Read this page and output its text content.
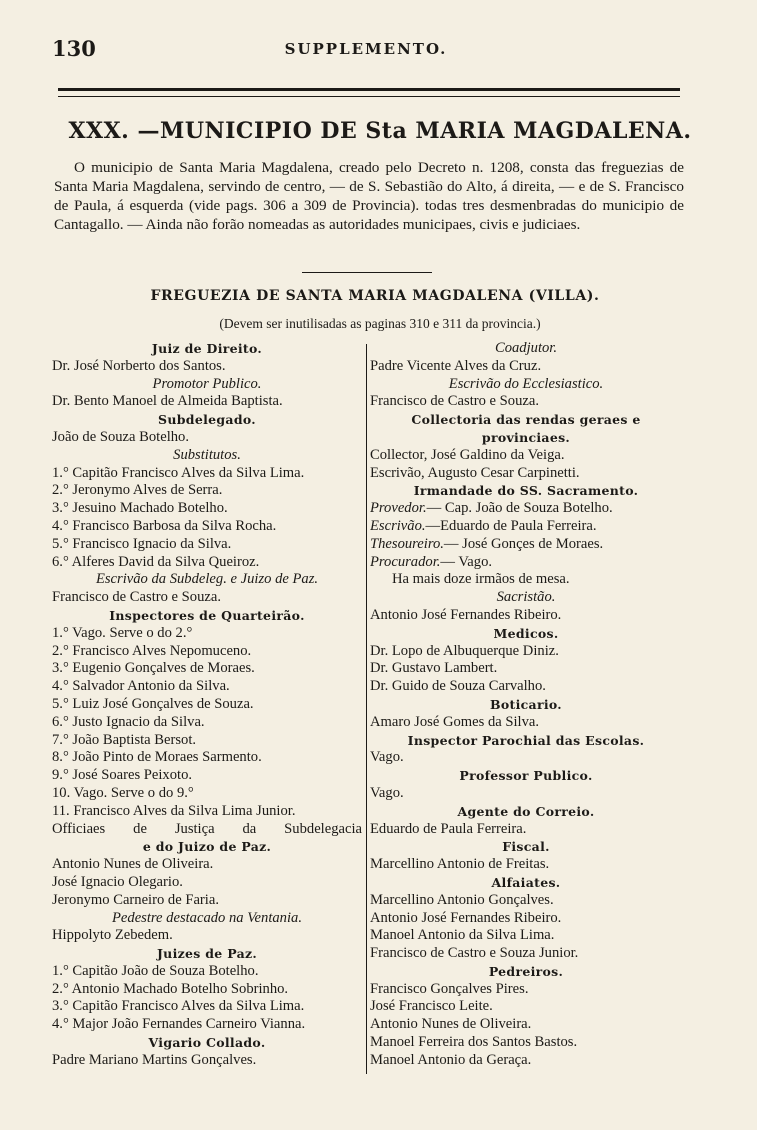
130	SUPPLEMENTO.
XXX. —MUNICIPIO DE Sta MARIA MAGDALENA.
O municipio de Santa Maria Magdalena, creado pelo Decreto n. 1208, consta das freguezias de Santa Maria Magdalena, servindo de centro, — de S. Sebastião do Alto, á direita, — e de S. Francisco de Paula, á esquerda (vide pags. 306 a 309 de Provincia). todas tres desmenbradas do municipio de Cantagallo. — Ainda não forão nomeadas as autoridades municipaes, civis e judiciaes.
FREGUEZIA DE SANTA MARIA MAGDALENA (VILLA).
(Devem ser inutilisadas as paginas 310 e 311 da provincia.)
Juiz de Direito.
Dr. José Norberto dos Santos.
Promotor Publico.
Dr. Bento Manoel de Almeida Baptista.
Subdelegado.
João de Souza Botelho.
Substitutos.
1.° Capitão Francisco Alves da Silva Lima.
2.° Jeronymo Alves de Serra.
3.° Jesuino Machado Botelho.
4.° Francisco Barbosa da Silva Rocha.
5.° Francisco Ignacio da Silva.
6.° Alferes David da Silva Queiroz.
Escrivão da Subdeleg. e Juizo de Paz.
Francisco de Castro e Souza.
Inspectores de Quarteirão.
1.° Vago. Serve o do 2.°
2.° Francisco Alves Nepomuceno.
3.° Eugenio Gonçalves de Moraes.
4.° Salvador Antonio da Silva.
5.° Luiz José Gonçalves de Souza.
6.° Justo Ignacio da Silva.
7.° João Baptista Bersot.
8.° João Pinto de Moraes Sarmento.
9.° José Soares Peixoto.
10. Vago. Serve o do 9.°
11. Francisco Alves da Silva Lima Junior.
Officiaes de Justiça da Subdelegacia
e do Juizo de Paz.
Antonio Nunes de Oliveira.
José Ignacio Olegario.
Jeronymo Carneiro de Faria.
Pedestre destacado na Ventania.
Hippolyto Zebedem.
Juizes de Paz.
1.° Capitão João de Souza Botelho.
2.° Antonio Machado Botelho Sobrinho.
3.° Capitão Francisco Alves da Silva Lima.
4.° Major João Fernandes Carneiro Vianna.
Vigario Collado.
Padre Mariano Martins Gonçalves.
Coadjutor.
Padre Vicente Alves da Cruz.
Escrivão do Ecclesiastico.
Francisco de Castro e Souza.
Collectoria das rendas geraes e
provinciaes.
Collector, José Galdino da Veiga.
Escrivão, Augusto Cesar Carpinetti.
Irmandade do SS. Sacramento.
Provedor.— Cap. João de Souza Botelho.
Escrivão.—Eduardo de Paula Ferreira.
Thesoureiro.— José Gonçes de Moraes.
Procurador.— Vago.
Ha mais doze irmãos de mesa.
Sacristão.
Antonio José Fernandes Ribeiro.
Medicos.
Dr. Lopo de Albuquerque Diniz.
Dr. Gustavo Lambert.
Dr. Guido de Souza Carvalho.
Boticario.
Amaro José Gomes da Silva.
Inspector Parochial das Escolas.
Vago.
Professor Publico.
Vago.
Agente do Correio.
Eduardo de Paula Ferreira.
Fiscal.
Marcellino Antonio de Freitas.
Alfaiates.
Marcellino Antonio Gonçalves.
Antonio José Fernandes Ribeiro.
Manoel Antonio da Silva Lima.
Francisco de Castro e Souza Junior.
Pedreiros.
Francisco Gonçalves Pires.
José Francisco Leite.
Antonio Nunes de Oliveira.
Manoel Ferreira dos Santos Bastos.
Manoel Antonio da Geraça.
